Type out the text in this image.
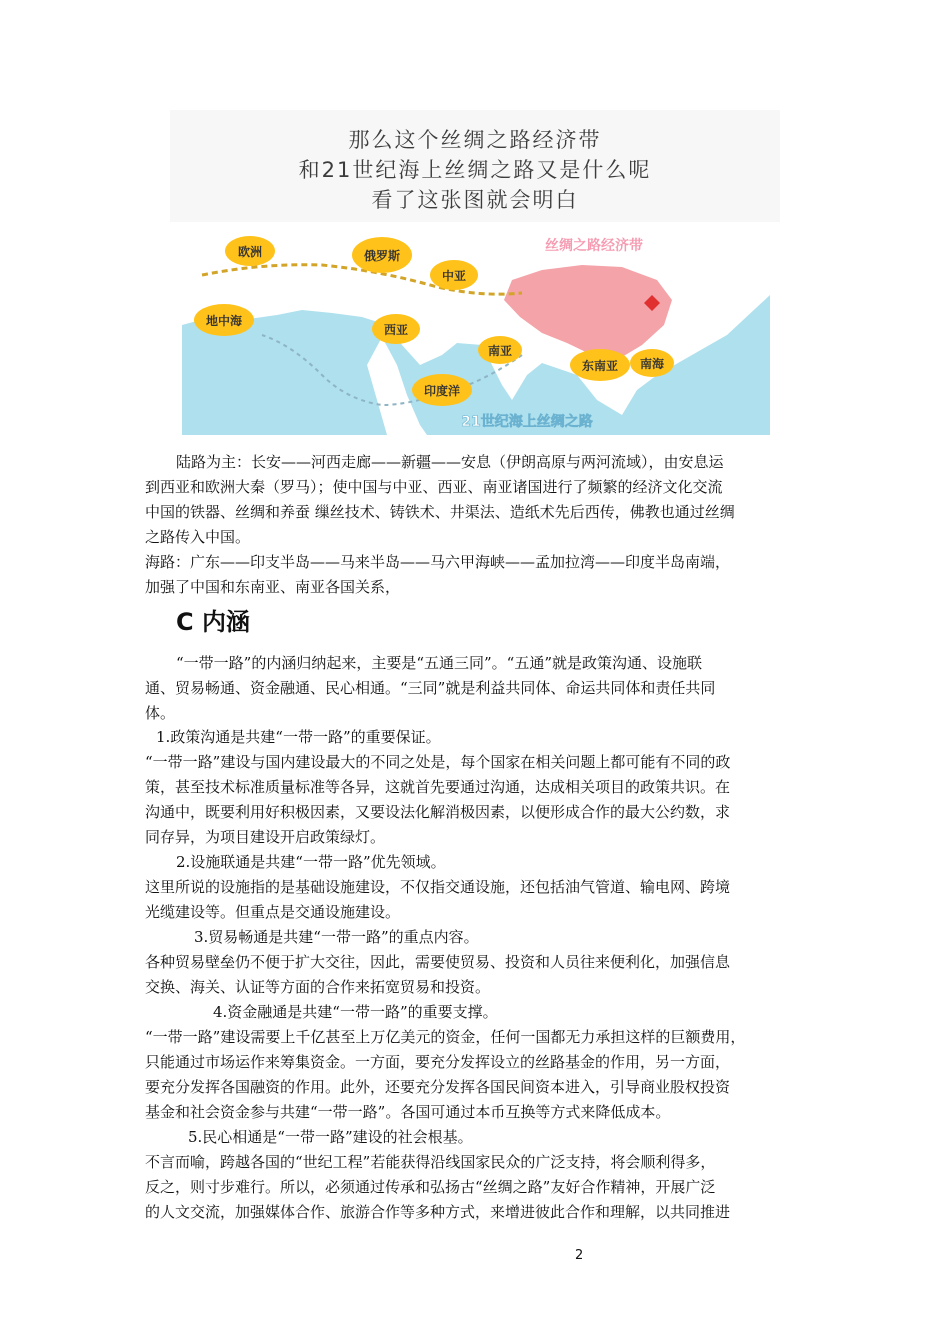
那么这个丝绸之路经济带
和21世纪海上丝绸之路又是什么呢
看了这张图就会明白
欧洲	俄罗斯
中亚
地中海
西亚
南亚
东南亚 南海
印度洋
丝绸之路经济带
21世纪海上丝绸之路
陆路为主：长安——河西走廊——新疆——安息（伊朗高原与两河流域），由安息运
到西亚和欧洲大秦（罗马）；使中国与中亚、西亚、南亚诸国进行了频繁的经济文化交流
中国的铁器、丝绸和养蚕 缫丝技术、铸铁术、井渠法、造纸术先后西传，佛教也通过丝绸
之路传入中国。
海路：广东——印支半岛——马来半岛——马六甲海峡——孟加拉湾——印度半岛南端，
加强了中国和东南亚、南亚各国关系，
C 内涵
“一带一路”的内涵归纳起来，主要是“五通三同”。“五通”就是政策沟通、设施联
通、贸易畅通、资金融通、民心相通。“三同”就是利益共同体、命运共同体和责任共同
体。
1.政策沟通是共建“一带一路”的重要保证。
“一带一路”建设与国内建设最大的不同之处是，每个国家在相关问题上都可能有不同的政
策，甚至技术标准质量标准等各异，这就首先要通过沟通，达成相关项目的政策共识。在
沟通中，既要利用好积极因素，又要设法化解消极因素，以便形成合作的最大公约数，求
同存异，为项目建设开启政策绿灯。
2.设施联通是共建“一带一路”优先领域。
这里所说的设施指的是基础设施建设，不仅指交通设施，还包括油气管道、输电网、跨境
光缆建设等。但重点是交通设施建设。
3.贸易畅通是共建“一带一路”的重点内容。
各种贸易壁垒仍不便于扩大交往，因此，需要使贸易、投资和人员往来便利化，加强信息
交换、海关、认证等方面的合作来拓宽贸易和投资。
4.资金融通是共建“一带一路”的重要支撑。
“一带一路”建设需要上千亿甚至上万亿美元的资金，任何一国都无力承担这样的巨额费用，
只能通过市场运作来筹集资金。一方面，要充分发挥设立的丝路基金的作用，另一方面，
要充分发挥各国融资的作用。此外，还要充分发挥各国民间资本进入，引导商业股权投资
基金和社会资金参与共建“一带一路”。各国可通过本币互换等方式来降低成本。
5.民心相通是“一带一路”建设的社会根基。
不言而喻，跨越各国的“世纪工程”若能获得沿线国家民众的广泛支持，将会顺利得多，
反之，则寸步难行。所以，必须通过传承和弘扬古“丝绸之路”友好合作精神，开展广泛
的人文交流，加强媒体合作、旅游合作等多种方式，来增进彼此合作和理解，以共同推进
2
